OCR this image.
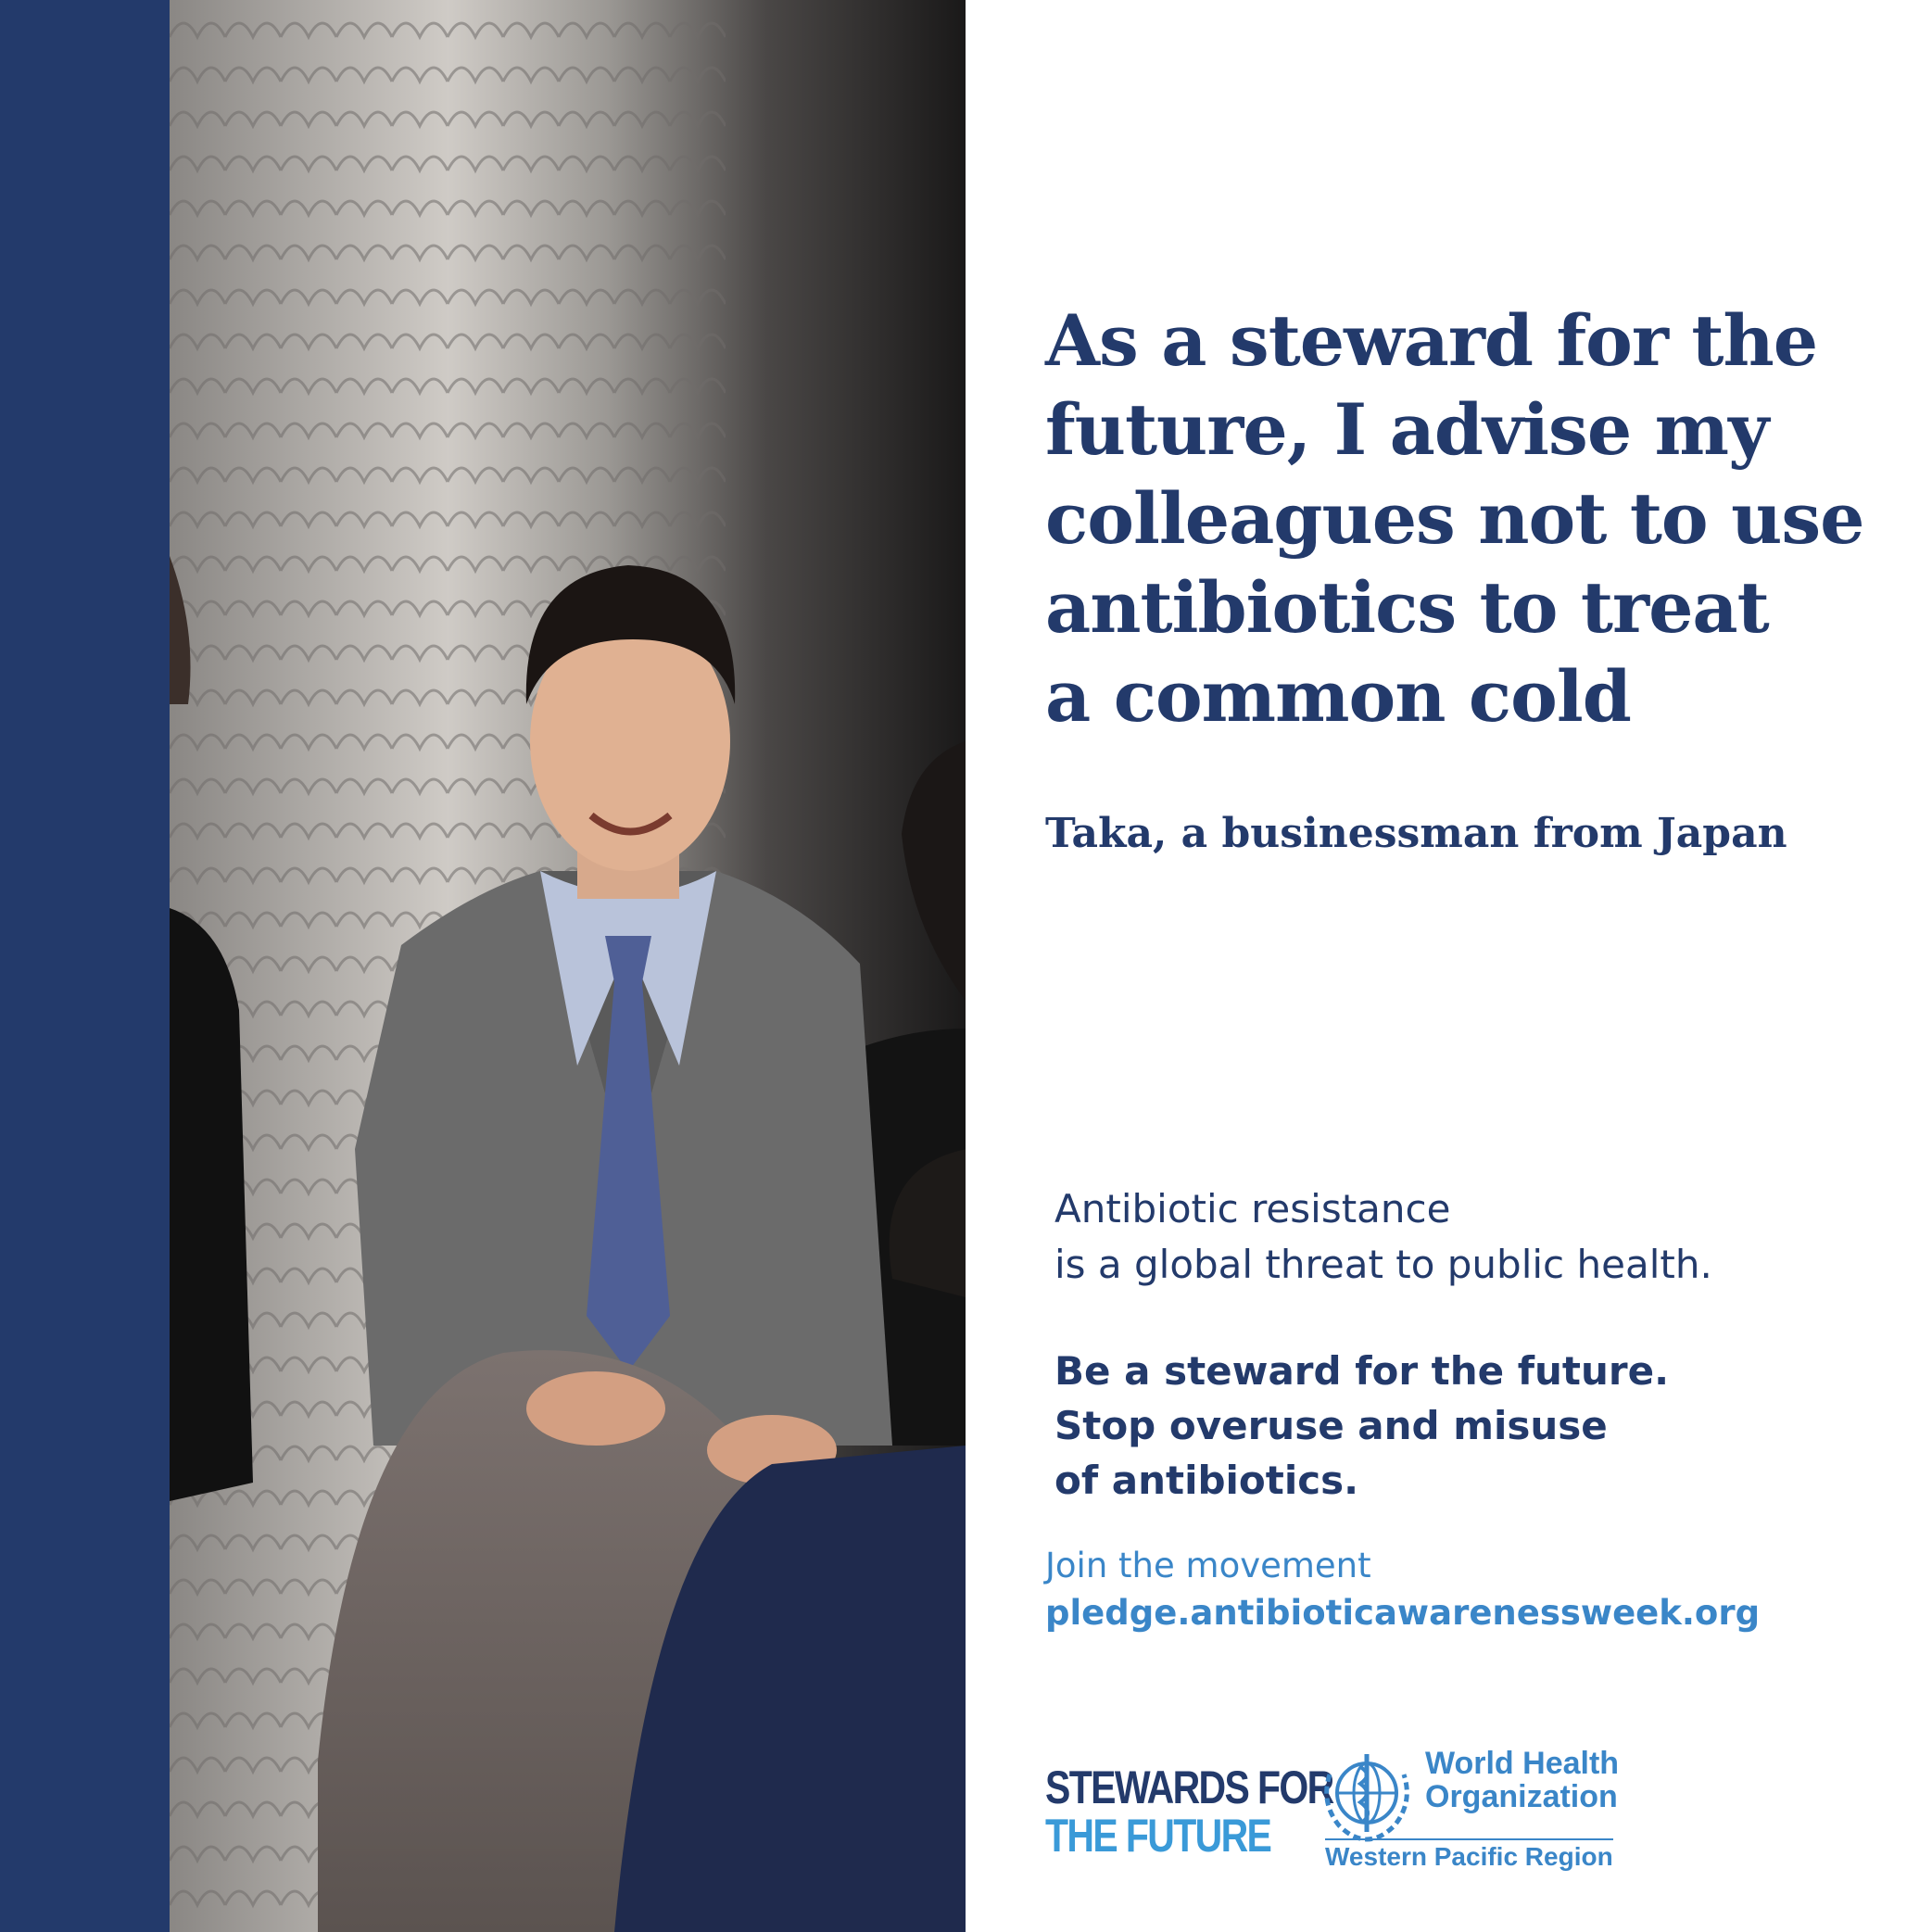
As a steward for the
future, I advise my
colleagues not to use
antibiotics to treat
a common cold
Taka, a businessman from Japan
Antibiotic resistance
is a global threat to public health.
Be a steward for the future.
Stop overuse and misuse
of antibiotics.
Join the movement
pledge.antibioticawarenessweek.org
STEWARDS FOR
THE FUTURE
World Health
Organization
Western Pacific Region
